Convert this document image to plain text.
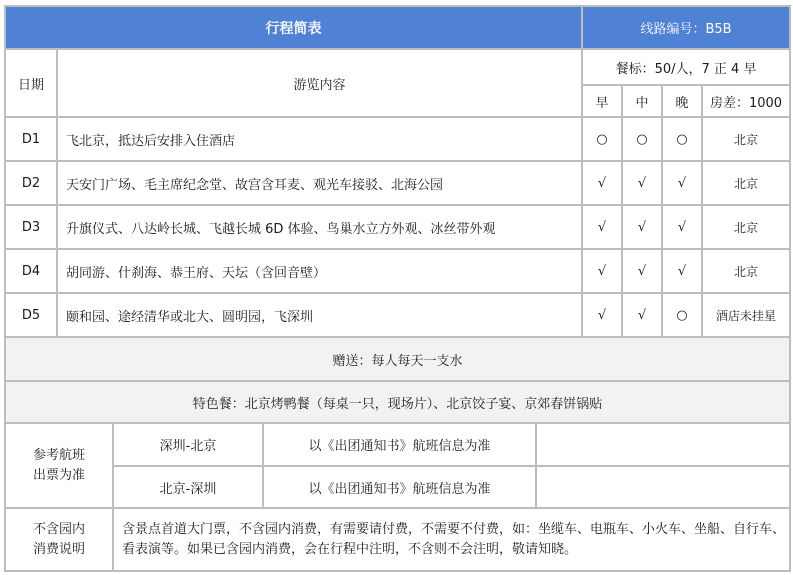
行程简表		线路编号：B5B			
日期	游览内容	餐标：50/人，7 正 4 早			
		早	中	晚	房差：1000
D1	飞北京，抵达后安排入住酒店	○	○	○	北京
D2	天安门广场、毛主席纪念堂、故宫含耳麦、观光车接驳、北海公园	√	√	√	北京
D3	升旗仪式、八达岭长城、飞越长城 6D 体验、鸟巢水立方外观、冰丝带外观	√	√	√	北京
D4	胡同游、什刹海、恭王府、天坛（含回音壁）	√	√	√	北京
D5	颐和园、途经清华或北大、圆明园，飞深圳	√	√	○	酒店未挂星
赠送：每人每天一支水					
特色餐：北京烤鸭餐（每桌一只，现场片）、北京饺子宴、京郊春饼锅贴					
参考航班
出票为准	深圳-北京	以《出团通知书》航班信息为准	
	北京-深圳	以《出团通知书》航班信息为准	
不含园内
消费说明
	含景点首道大门票，不含园内消费，有需要请付费，不需要不付费，如：坐缆车、电瓶车、小火车、坐船、自行车、看表演等。如果已含园内消费，会在行程中注明，不含则不会注明，敬请知晓。
